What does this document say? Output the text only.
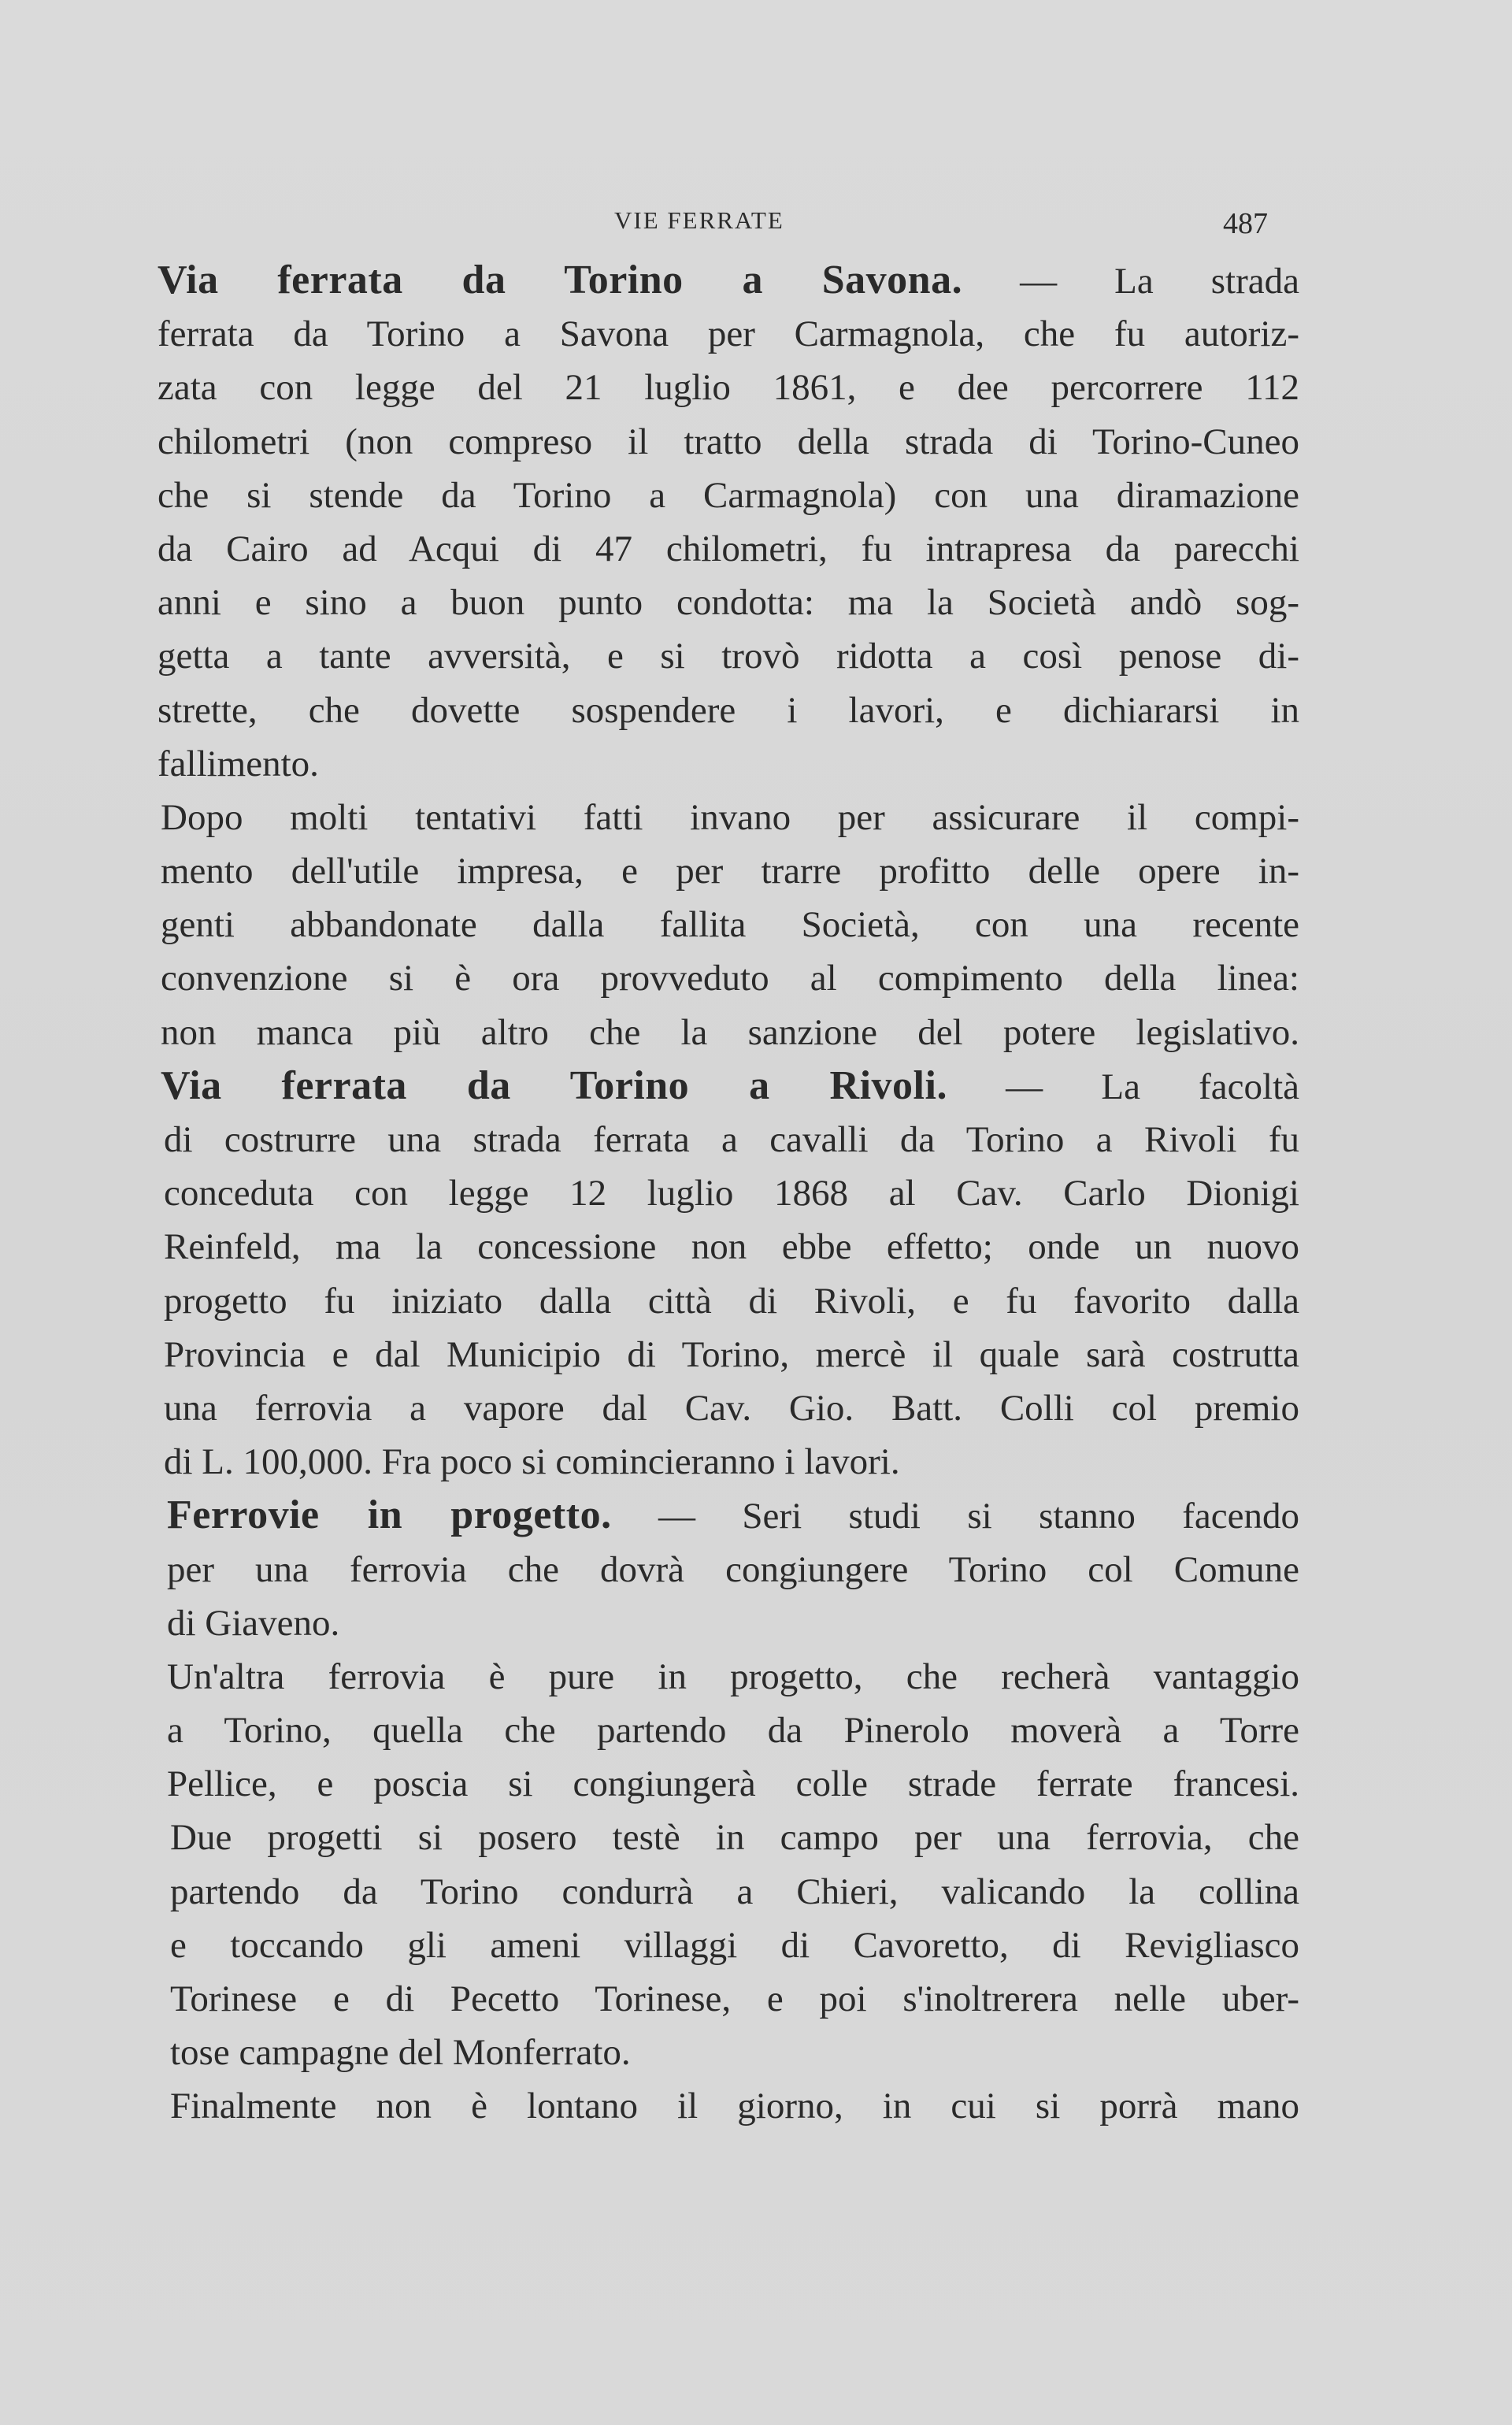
VIE FERRATE	487
Via ferrata da Torino a Savona. — La strada
ferrata da Torino a Savona per Carmagnola, che fu autoriz-
zata con legge del 21 luglio 1861, e dee percorrere 112
chilometri (non compreso il tratto della strada di Torino-Cuneo
che si stende da Torino a Carmagnola) con una diramazione
da Cairo ad Acqui di 47 chilometri, fu intrapresa da parecchi
anni e sino a buon punto condotta: ma la Società andò sog-
getta a tante avversità, e si trovò ridotta a così penose di-
strette, che dovette sospendere i lavori, e dichiararsi in
fallimento.
Dopo molti tentativi fatti invano per assicurare il compi-
mento dell'utile impresa, e per trarre profitto delle opere in-
genti abbandonate dalla fallita Società, con una recente
convenzione si è ora provveduto al compimento della linea:
non manca più altro che la sanzione del potere legislativo.
Via ferrata da Torino a Rivoli. — La facoltà
di costrurre una strada ferrata a cavalli da Torino a Rivoli fu
conceduta con legge 12 luglio 1868 al Cav. Carlo Dionigi
Reinfeld, ma la concessione non ebbe effetto; onde un nuovo
progetto fu iniziato dalla città di Rivoli, e fu favorito dalla
Provincia e dal Municipio di Torino, mercè il quale sarà costrutta
una ferrovia a vapore dal Cav. Gio. Batt. Colli col premio
di L. 100,000. Fra poco si comincieranno i lavori.
Ferrovie in progetto. — Seri studi si stanno facendo
per una ferrovia che dovrà congiungere Torino col Comune
di Giaveno.
Un'altra ferrovia è pure in progetto, che recherà vantaggio
a Torino, quella che partendo da Pinerolo moverà a Torre
Pellice, e poscia si congiungerà colle strade ferrate francesi.
Due progetti si posero testè in campo per una ferrovia, che
partendo da Torino condurrà a Chieri, valicando la collina
e toccando gli ameni villaggi di Cavoretto, di Revigliasco
Torinese e di Pecetto Torinese, e poi s'inoltrerera nelle uber-
tose campagne del Monferrato.
Finalmente non è lontano il giorno, in cui si porrà mano
